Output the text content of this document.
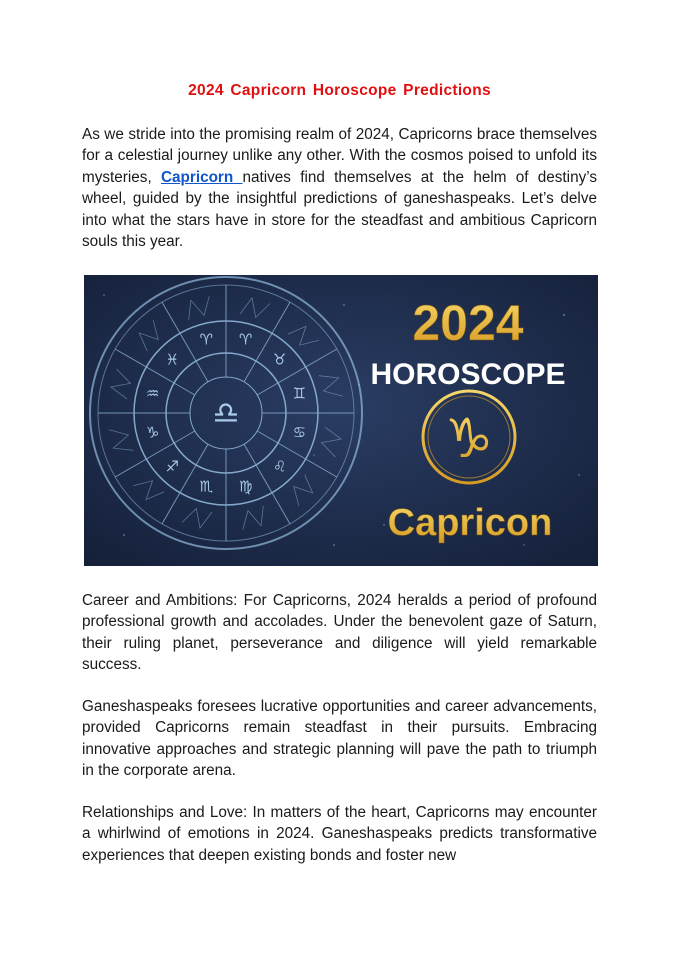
2024 Capricorn Horoscope Predictions

As we stride into the promising realm of 2024, Capricorns brace themselves for a celestial journey unlike any other. With the cosmos poised to unfold its mysteries, Capricorn natives find themselves at the helm of destiny’s wheel, guided by the insightful predictions of ganeshaspeaks. Let’s delve into what the stars have in store for the steadfast and ambitious Capricorn souls this year.

♎
♈
♉
♊
♋
♌
♍
♏
♐
♑
♒
♓
♈	2024
HOROSCOPE
♑
Capricon

Career and Ambitions: For Capricorns, 2024 heralds a period of profound professional growth and accolades. Under the benevolent gaze of Saturn, their ruling planet, perseverance and diligence will yield remarkable success.

Ganeshaspeaks foresees lucrative opportunities and career advancements, provided Capricorns remain steadfast in their pursuits. Embracing innovative approaches and strategic planning will pave the path to triumph in the corporate arena.

Relationships and Love: In matters of the heart, Capricorns may encounter a whirlwind of emotions in 2024. Ganeshaspeaks predicts transformative experiences that deepen existing bonds and foster new
